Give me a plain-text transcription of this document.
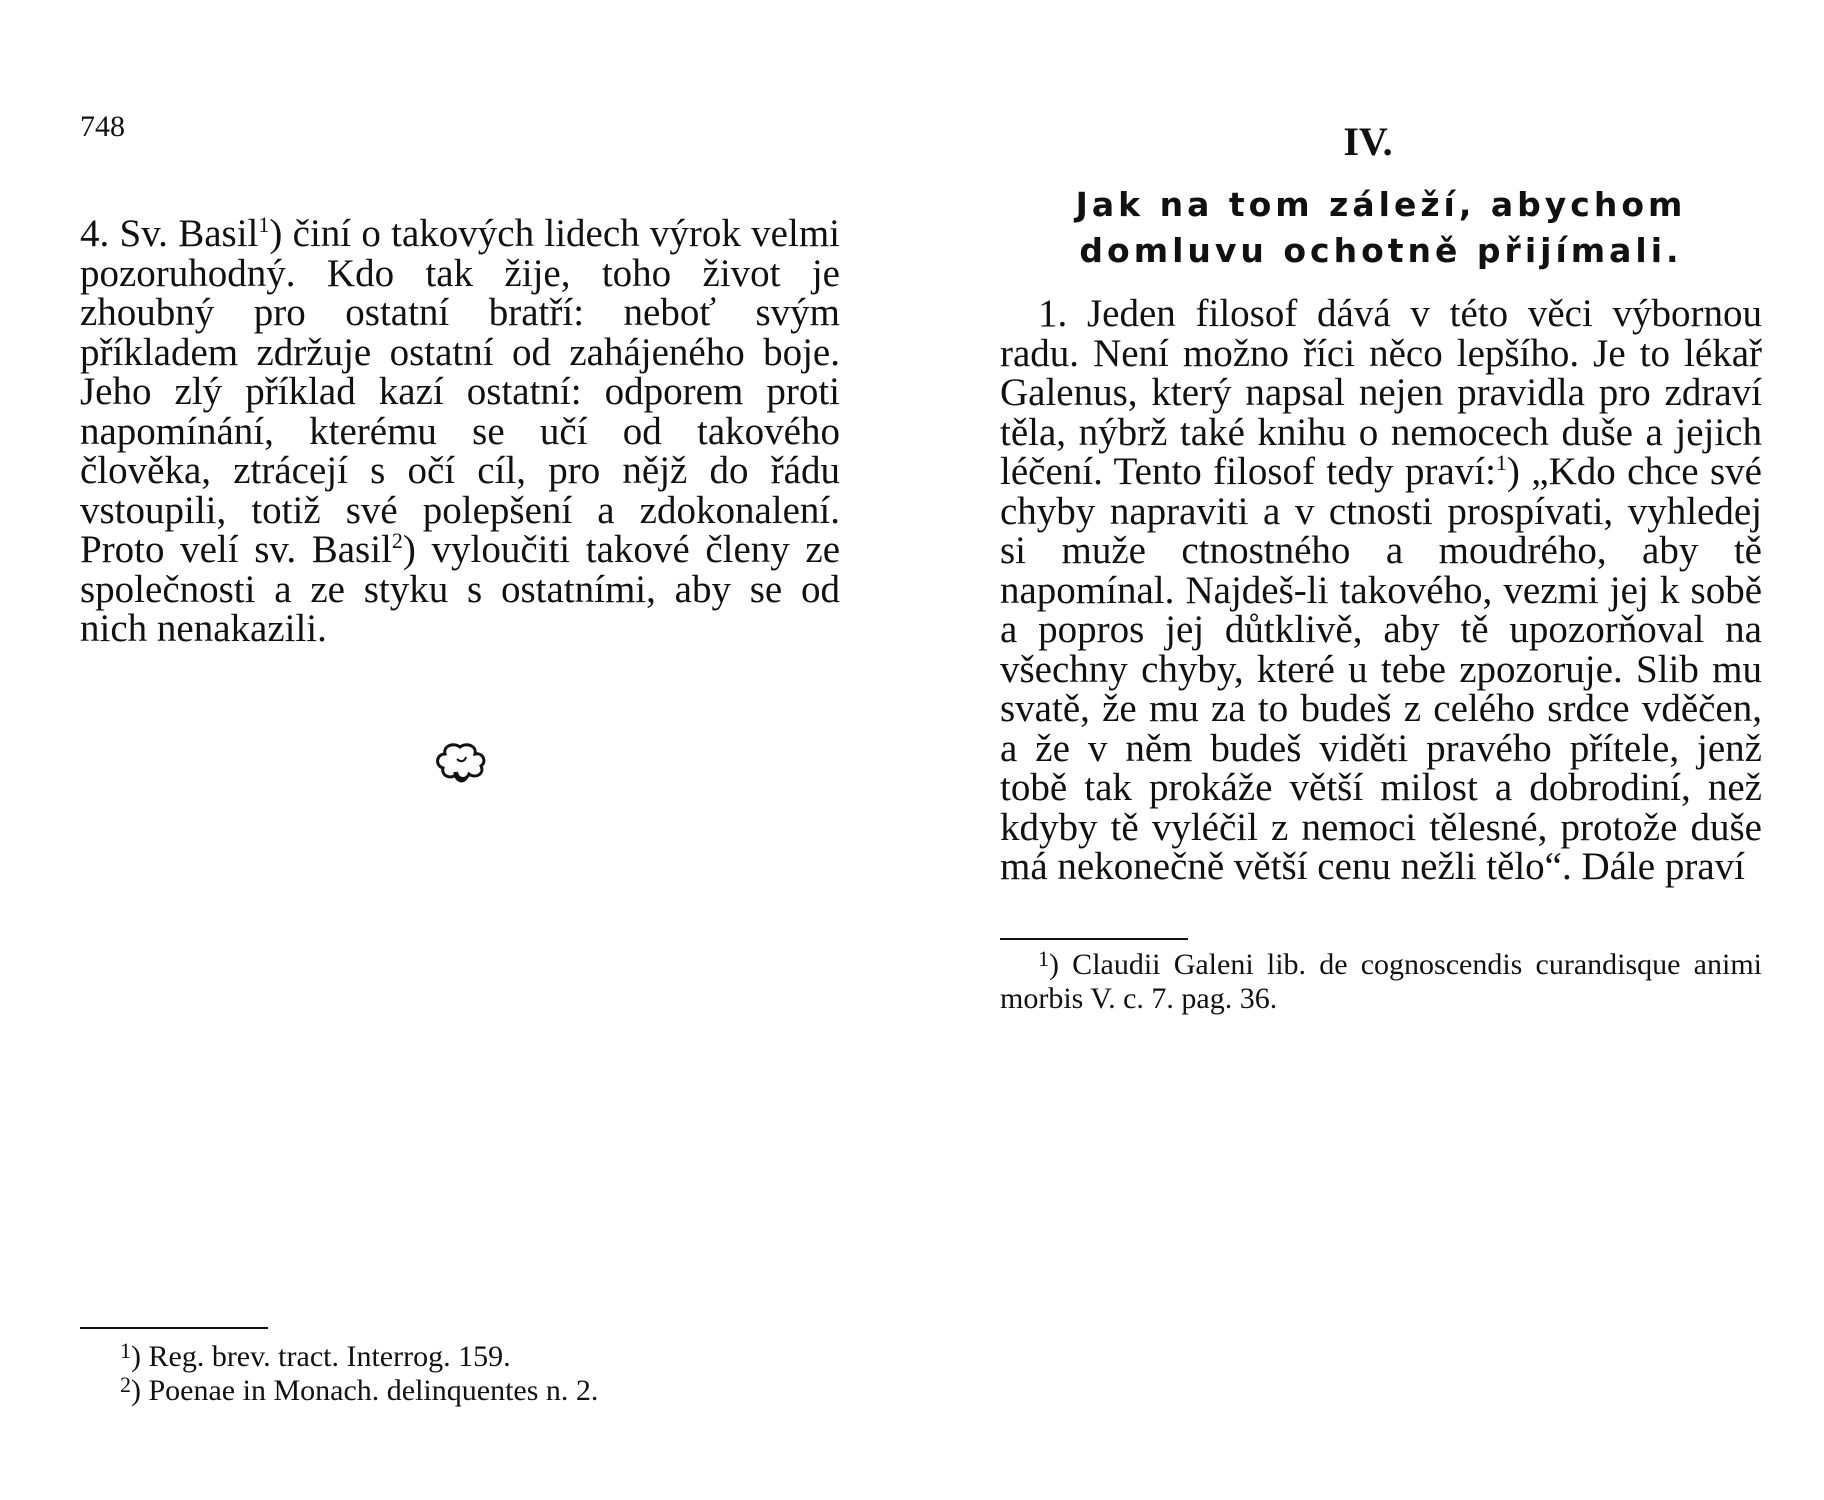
748

4. Sv. Basil$^1$) činí o takových lidech výrok velmi pozoruhodný. Kdo tak žije, toho život je zhoubný pro ostatní bratří: neboť svým příkladem zdržuje ostatní od zahájeného boje. Jeho zlý příklad kazí ostatní: odporem proti napomínání, kterému se učí od takového člověka, ztrácejí s očí cíl, pro nějž do řádu vstoupili, totiž své polepšení a zdokonalení. Proto velí sv. Basil$^2$) vyloučiti takové členy ze společnosti a ze styku s ostatními, aby se od nich nenakazili.

$^1$) Reg. brev. tract. Interrog. 159.

$^2$) Poenae in Monach. delinquentes n. 2.

IV.
Jak na tom záleží, abychom domluvu ochotně přijímali.

1. Jeden filosof dává v této věci výbornou radu. Není možno říci něco lepšího. Je to lékař Galenus, který napsal nejen pravidla pro zdraví těla, nýbrž také knihu o nemocech duše a jejich léčení. Tento filosof tedy praví:$^1$) „Kdo chce své chyby napraviti a v ctnosti prospívati, vyhledej si muže ctnostného a moudrého, aby tě napomínal. Najdeš-li takového, vezmi jej k sobě a popros jej důtklivě, aby tě upozorňoval na všechny chyby, které u tebe zpozoruje. Slib mu svatě, že mu za to budeš z celého srdce vděčen, a že v něm budeš viděti pravého přítele, jenž tobě tak prokáže větší milost a dobrodiní, než kdyby tě vyléčil z nemoci tělesné, protože duše má nekonečně větší cenu nežli tělo“. Dále praví

$^1$) Claudii Galeni lib. de cognoscendis curandisque animi morbis V. c. 7. pag. 36.
